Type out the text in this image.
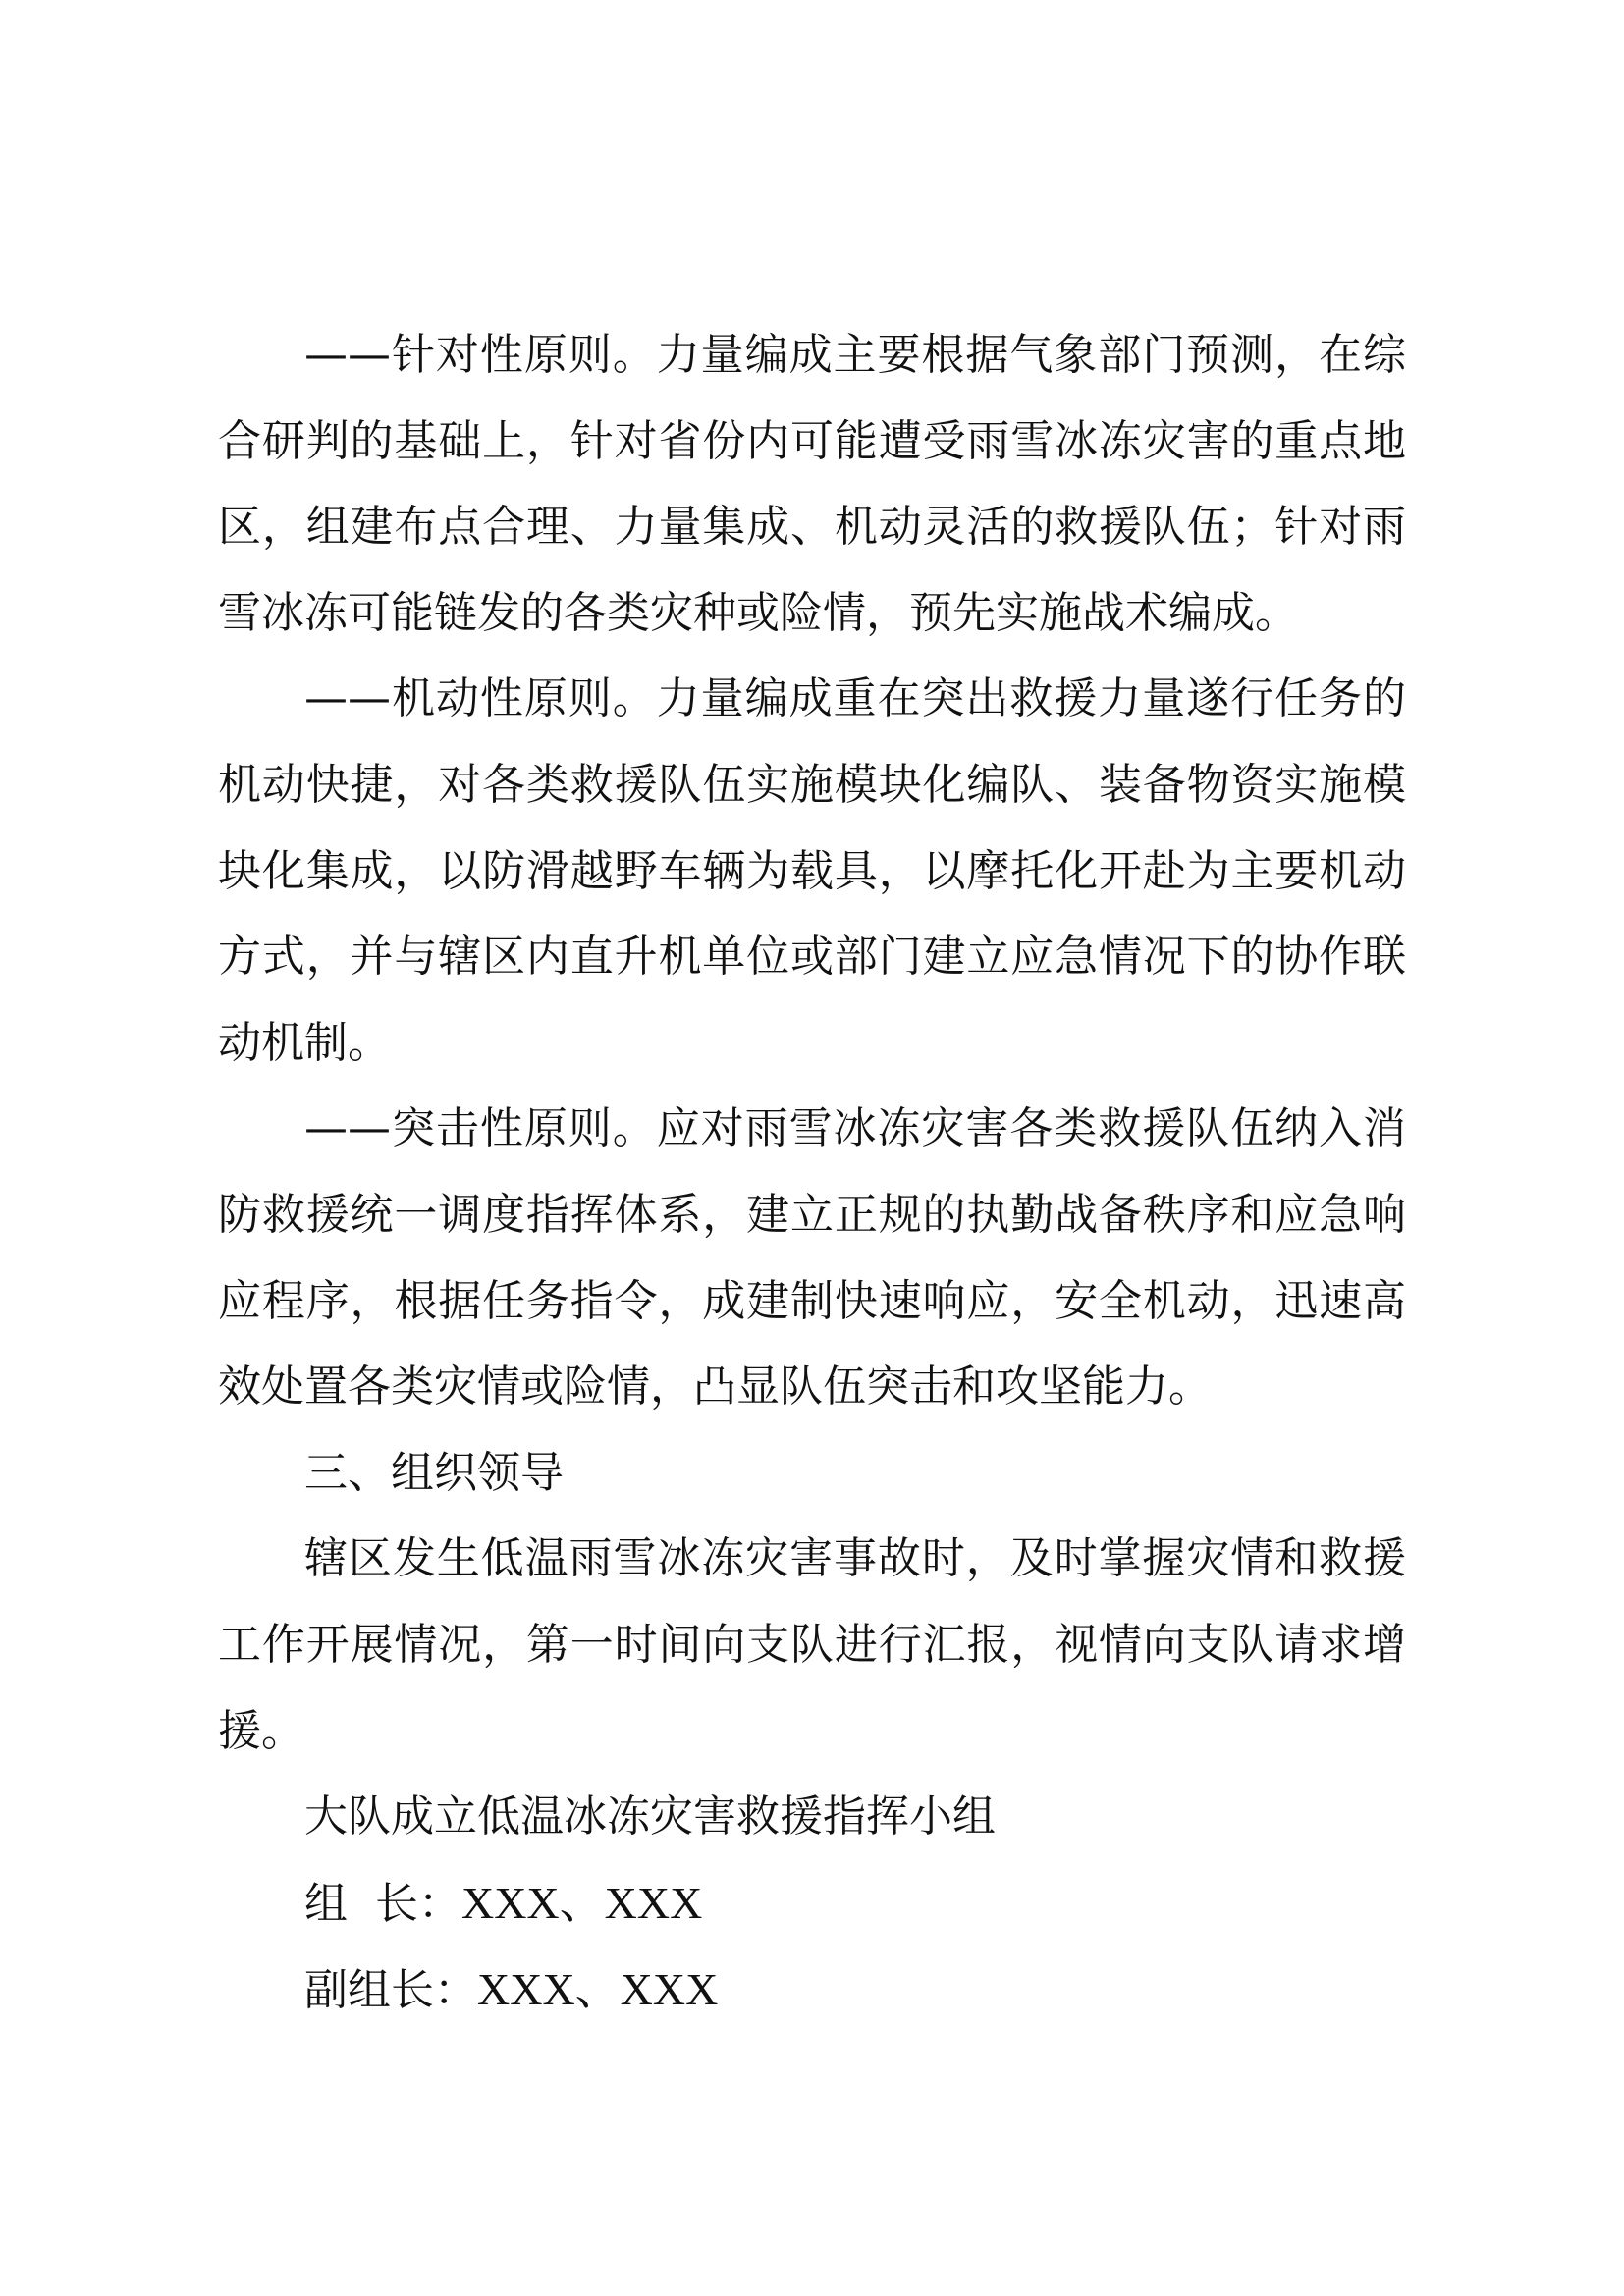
——针对性原则。力量编成主要根据气象部门预测，在综合研判的基础上，针对省份内可能遭受雨雪冰冻灾害的重点地区，组建布点合理、力量集成、机动灵活的救援队伍；针对雨雪冰冻可能链发的各类灾种或险情，预先实施战术编成。

——机动性原则。力量编成重在突出救援力量遂行任务的机动快捷，对各类救援队伍实施模块化编队、装备物资实施模块化集成，以防滑越野车辆为载具，以摩托化开赴为主要机动方式，并与辖区内直升机单位或部门建立应急情况下的协作联动机制。

——突击性原则。应对雨雪冰冻灾害各类救援队伍纳入消防救援统一调度指挥体系，建立正规的执勤战备秩序和应急响应程序，根据任务指令，成建制快速响应，安全机动，迅速高效处置各类灾情或险情，凸显队伍突击和攻坚能力。

三、组织领导

辖区发生低温雨雪冰冻灾害事故时，及时掌握灾情和救援工作开展情况，第一时间向支队进行汇报，视情向支队请求增援。

大队成立低温冰冻灾害救援指挥小组

组  长：XXX、XXX

副组长：XXX、XXX
